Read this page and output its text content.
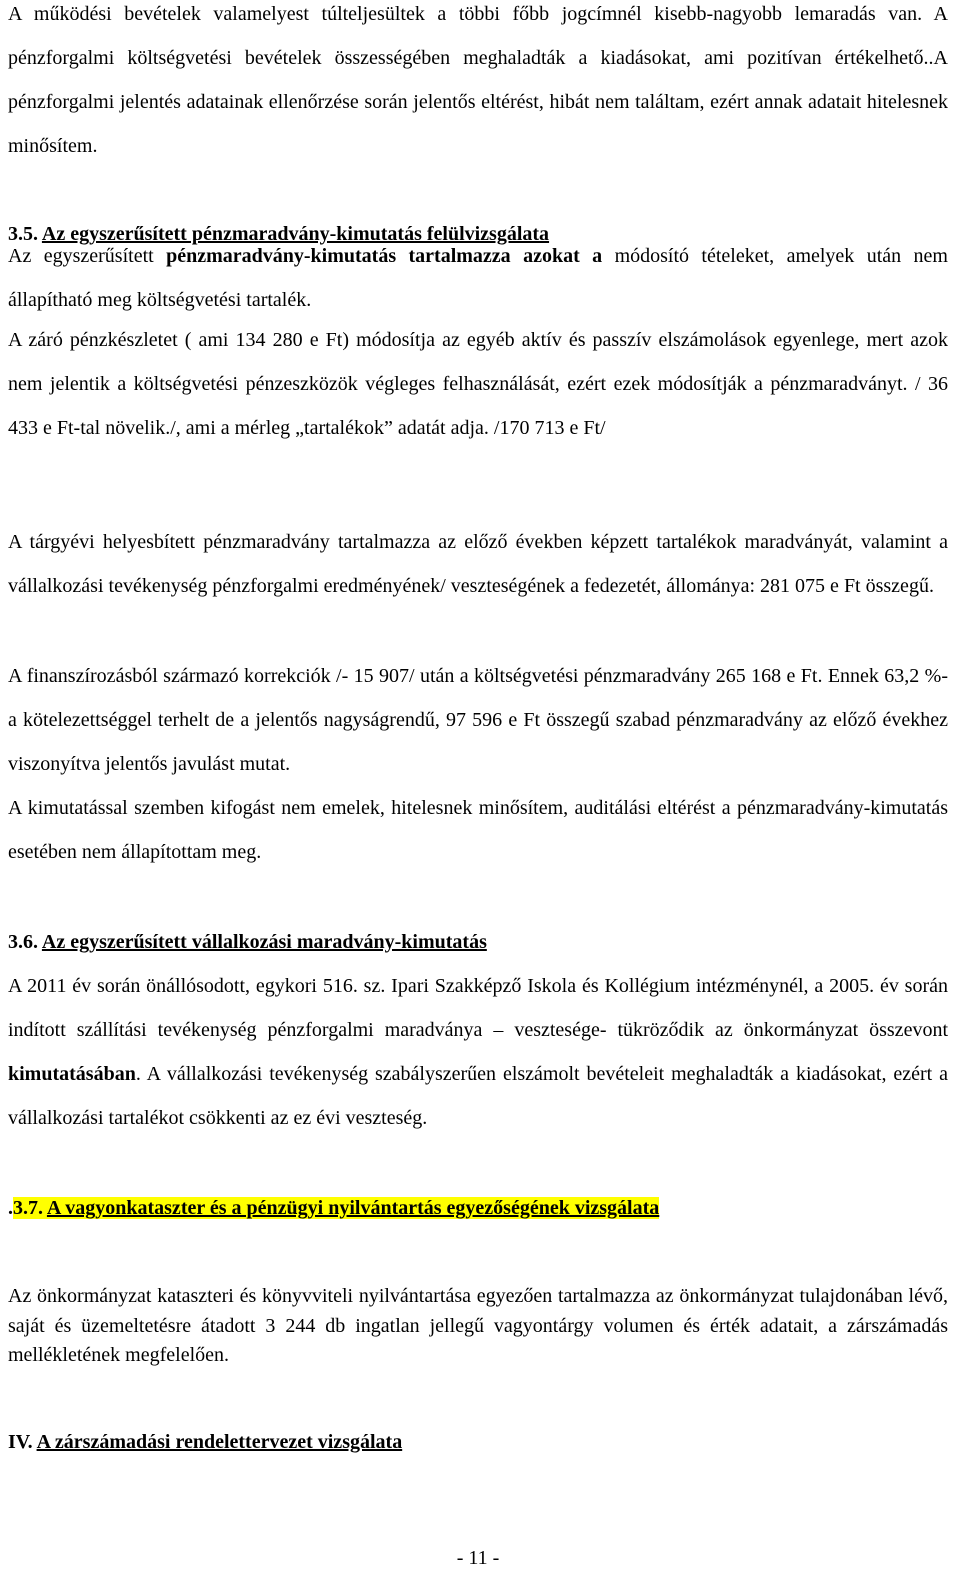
A működési bevételek valamelyest túlteljesültek a többi főbb jogcímnél kisebb-nagyobb lemaradás van. A pénzforgalmi költségvetési bevételek összességében meghaladták a kiadásokat, ami pozitívan értékelhető..A pénzforgalmi jelentés adatainak ellenőrzése során jelentős eltérést, hibát nem találtam, ezért annak adatait hitelesnek minősítem.

3.5. Az egyszerűsített pénzmaradvány-kimutatás felülvizsgálata

Az egyszerűsített pénzmaradvány-kimutatás tartalmazza azokat a módosító tételeket, amelyek után nem állapítható meg költségvetési tartalék.

A záró pénzkészletet ( ami 134 280 e Ft) módosítja az egyéb aktív és passzív elszámolások egyenlege, mert azok nem jelentik a költségvetési pénzeszközök végleges felhasználását, ezért ezek módosítják a pénzmaradványt. / 36 433 e Ft-tal növelik./, ami a mérleg „tartalékok” adatát adja. /170 713 e Ft/

A tárgyévi helyesbített pénzmaradvány tartalmazza az előző években képzett tartalékok maradványát, valamint a vállalkozási tevékenység pénzforgalmi eredményének/ veszteségének a fedezetét, állománya: 281 075 e Ft összegű.

A finanszírozásból származó korrekciók /- 15 907/ után a költségvetési pénzmaradvány 265 168 e Ft. Ennek 63,2 %-a kötelezettséggel terhelt de a jelentős nagyságrendű, 97 596 e Ft összegű szabad pénzmaradvány az előző évekhez viszonyítva jelentős javulást mutat.

A kimutatással szemben kifogást nem emelek, hitelesnek minősítem, auditálási eltérést a pénzmaradvány-kimutatás esetében nem állapítottam meg.

3.6. Az egyszerűsített vállalkozási maradvány-kimutatás

A 2011 év során önállósodott, egykori 516. sz. Ipari Szakképző Iskola és Kollégium intézménynél, a 2005. év során indított szállítási tevékenység pénzforgalmi maradványa – vesztesége- tükröződik az önkormányzat összevont kimutatásában. A vállalkozási tevékenység szabályszerűen elszámolt bevételeit meghaladták a kiadásokat, ezért a vállalkozási tartalékot csökkenti az ez évi veszteség.

.3.7. A vagyonkataszter és a pénzügyi nyilvántartás egyezőségének vizsgálata

Az önkormányzat kataszteri és könyvviteli nyilvántartása egyezően tartalmazza az önkormányzat tulajdonában lévő, saját és üzemeltetésre átadott 3 244 db ingatlan jellegű vagyontárgy volumen és érték adatait, a zárszámadás mellékletének megfelelően.

IV. A zárszámadási rendelettervezet vizsgálata
- 11 -
